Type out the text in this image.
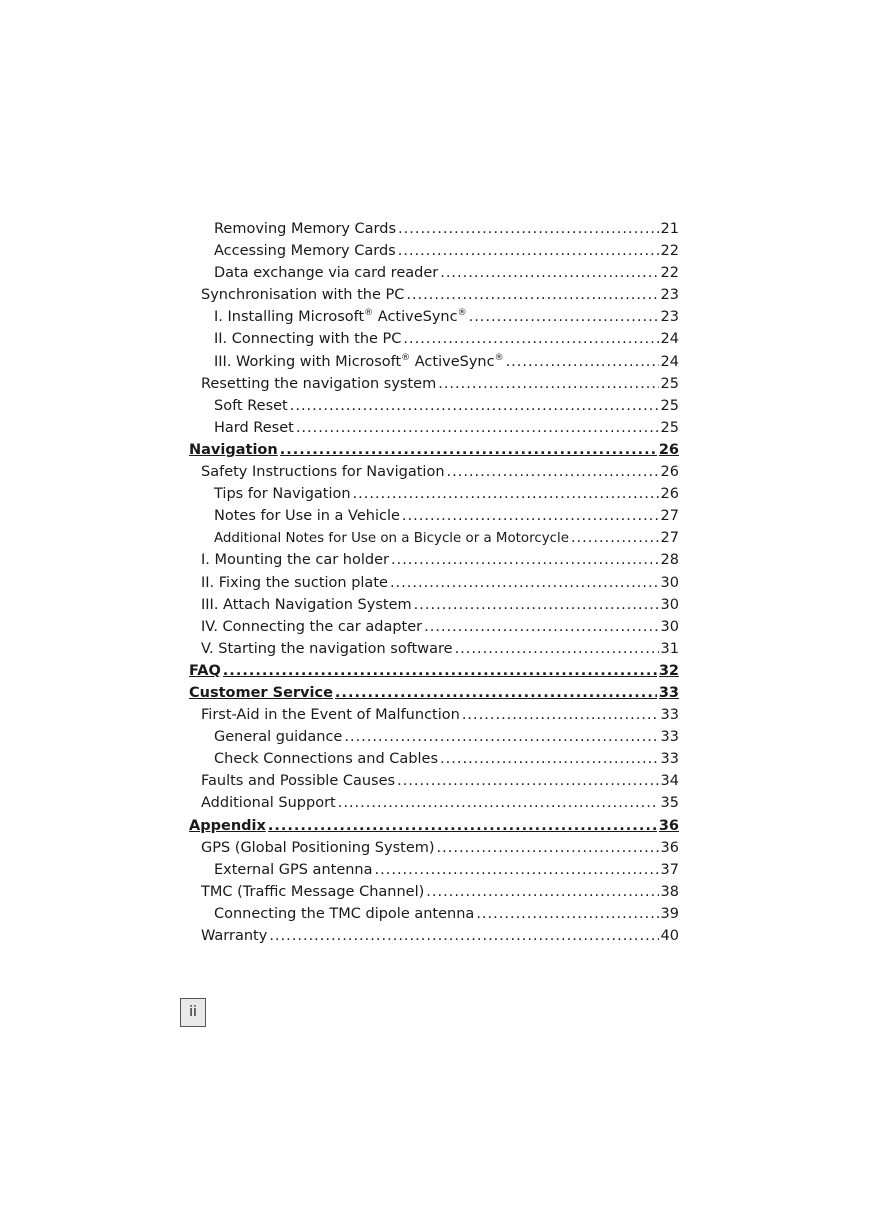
Removing Memory Cards .....	21
Accessing Memory Cards .....	22
Data exchange via card reader .....	22
Synchronisation with the PC .....	23
I. Installing Microsoft® ActiveSync® .....	23
II. Connecting with the PC .....	24
III. Working with Microsoft® ActiveSync® .....	24
Resetting the navigation system .....	25
Soft Reset .....	25
Hard Reset .....	25
Navigation .....	26
Safety Instructions for Navigation .....	26
Tips for Navigation .....	26
Notes for Use in a Vehicle .....	27
Additional Notes for Use on a Bicycle or a Motorcycle .....	27
I. Mounting the car holder .....	28
II. Fixing the suction plate .....	30
III. Attach Navigation System .....	30
IV. Connecting the car adapter .....	30
V. Starting the navigation software .....	31
FAQ .....	32
Customer Service .....	33
First-Aid in the Event of Malfunction .....	33
General guidance .....	33
Check Connections and Cables .....	33
Faults and Possible Causes .....	34
Additional Support .....	35
Appendix .....	36
GPS (Global Positioning System) .....	36
External GPS antenna .....	37
TMC (Traffic Message Channel) .....	38
Connecting the TMC dipole antenna .....	39
Warranty .....	40
ii
